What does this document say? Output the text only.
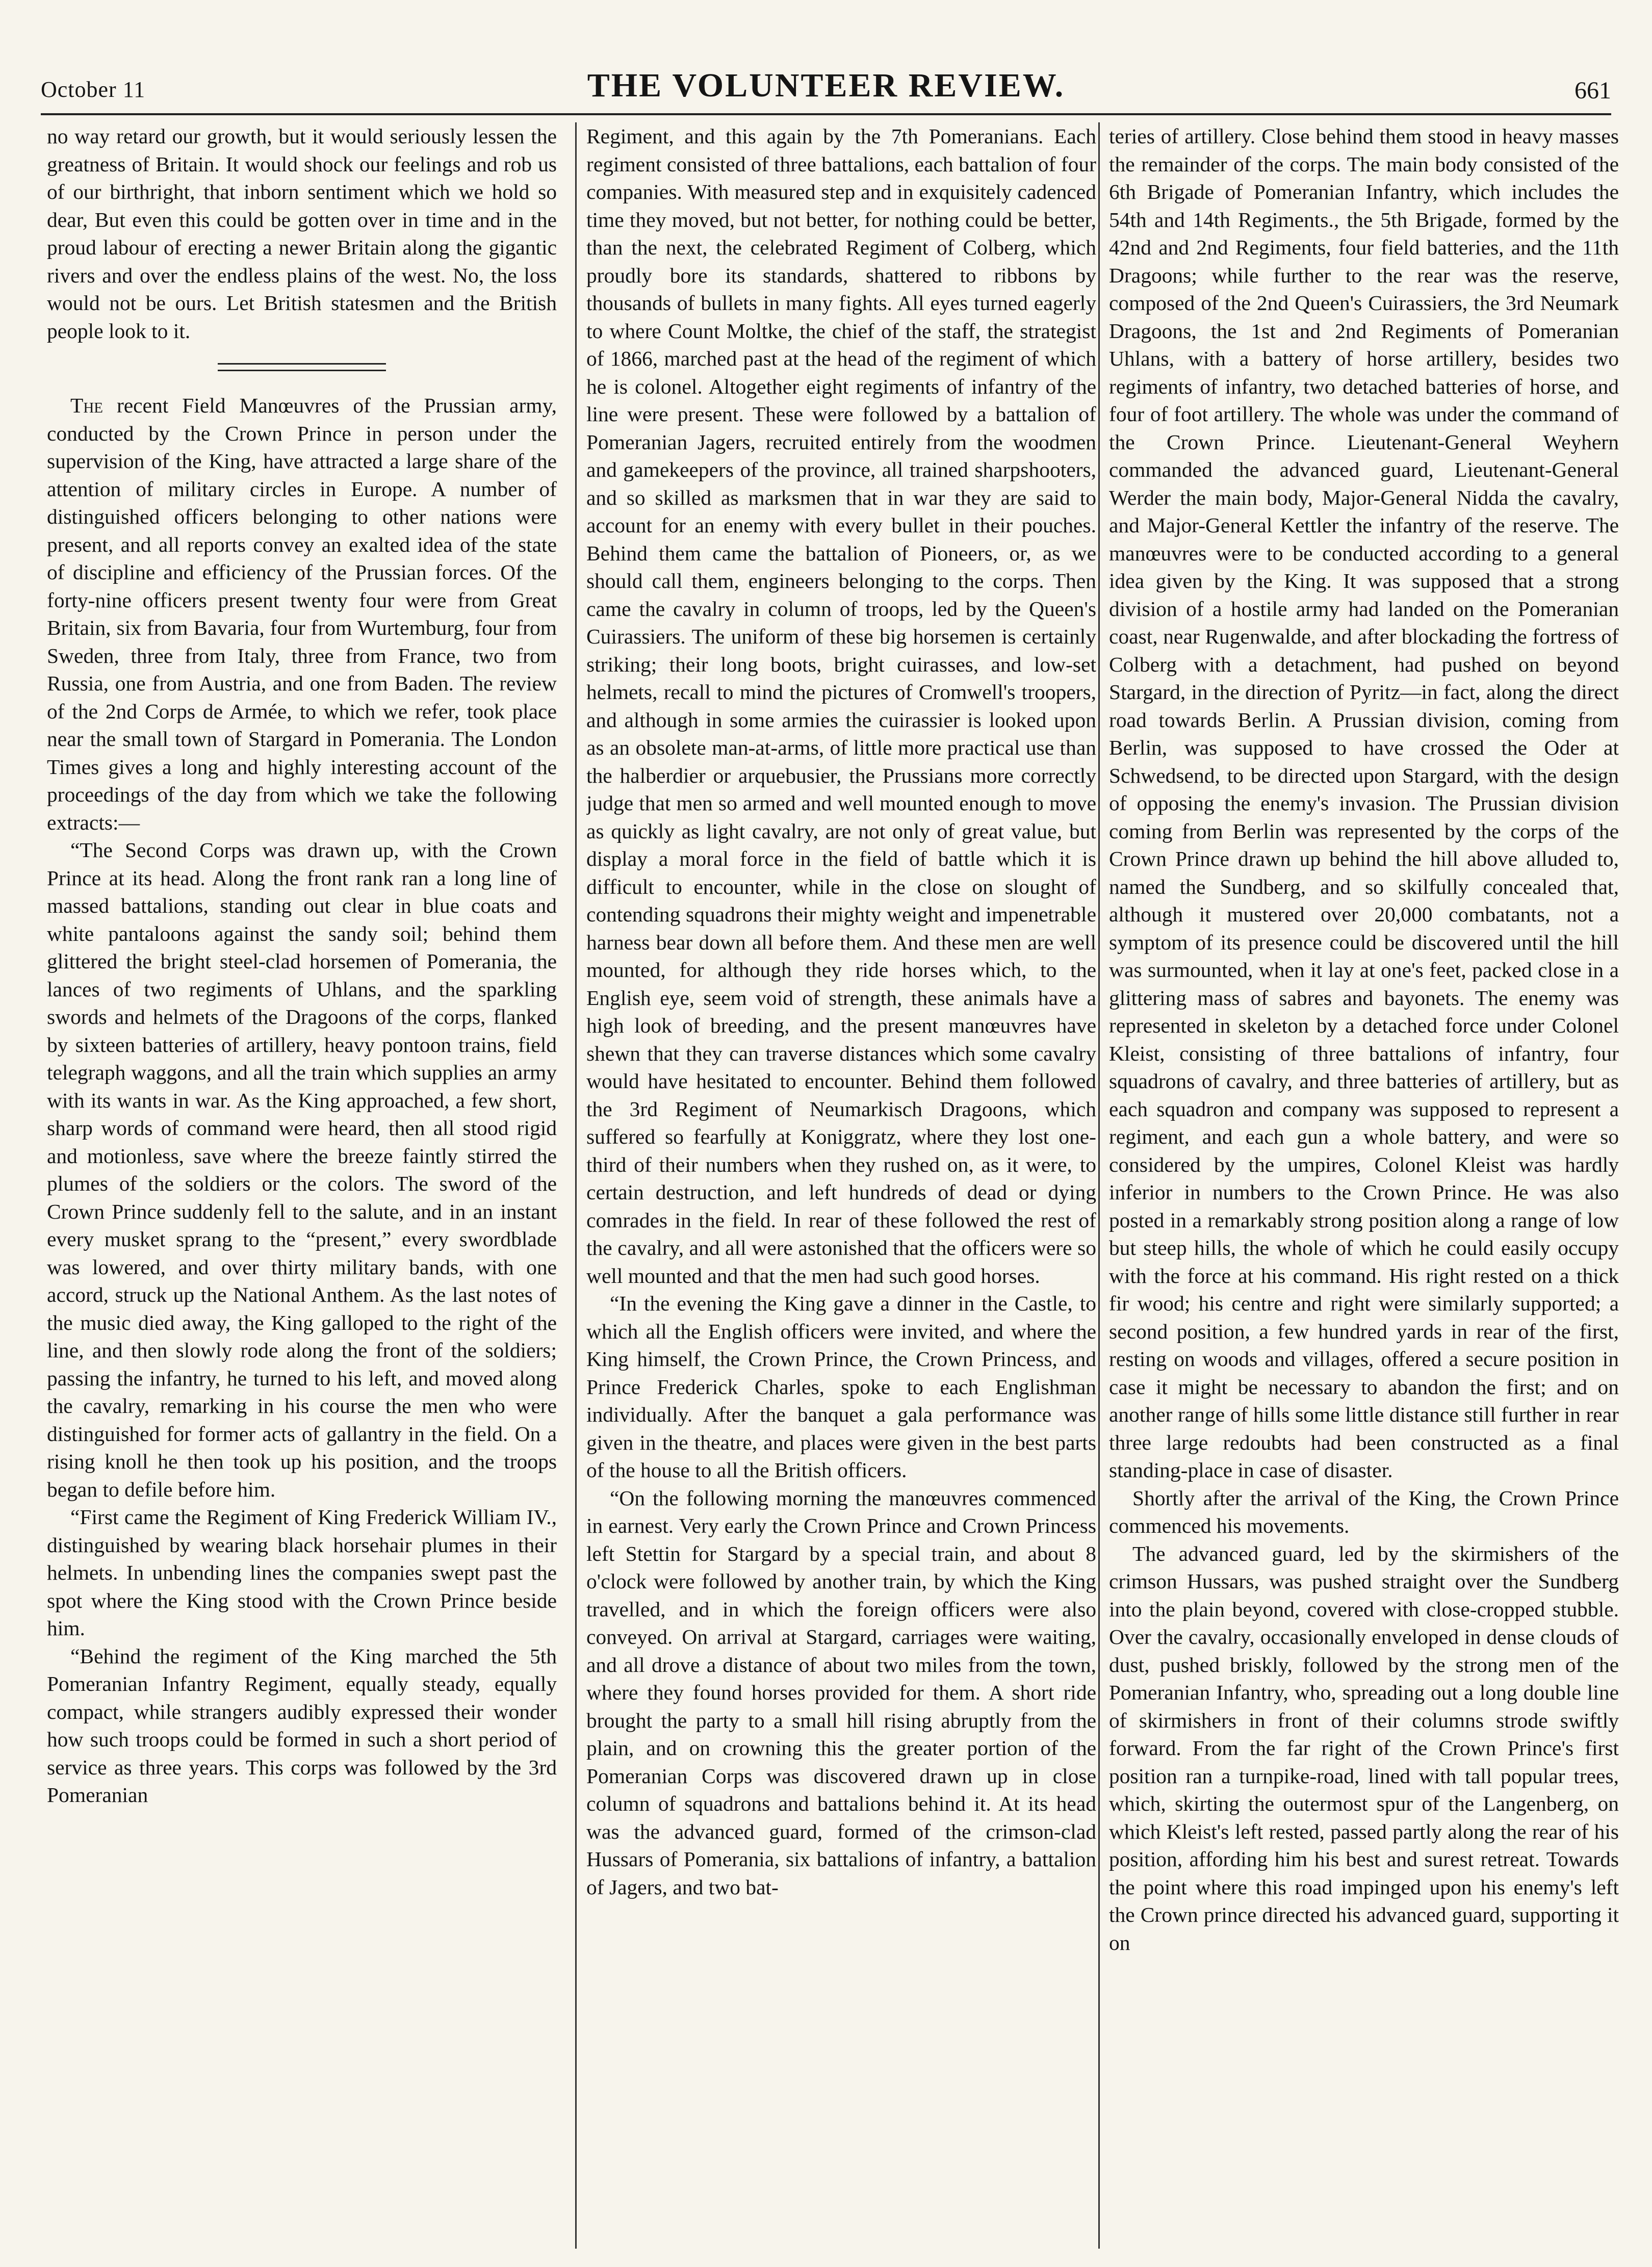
October 11	THE VOLUNTEER REVIEW.	661

no way retard our growth, but it would seriously lessen the greatness of Britain. It would shock our feelings and rob us of our birthright, that inborn sentiment which we hold so dear, But even this could be gotten over in time and in the proud labour of erecting a newer Britain along the gigantic rivers and over the endless plains of the west. No, the loss would not be ours. Let British statesmen and the British people look to it.

The recent Field Manœuvres of the Prussian army, conducted by the Crown Prince in person under the supervision of the King, have attracted a large share of the attention of military circles in Europe. A number of distinguished officers belonging to other nations were present, and all reports convey an exalted idea of the state of discipline and efficiency of the Prussian forces. Of the forty-nine officers present twenty four were from Great Britain, six from Bavaria, four from Wurtemburg, four from Sweden, three from Italy, three from France, two from Russia, one from Austria, and one from Baden. The review of the 2nd Corps de Armée, to which we refer, took place near the small town of Stargard in Pomerania. The London Times gives a long and highly interesting account of the proceedings of the day from which we take the following extracts:—

“The Second Corps was drawn up, with the Crown Prince at its head. Along the front rank ran a long line of massed battalions, standing out clear in blue coats and white pantaloons against the sandy soil; behind them glittered the bright steel-clad horsemen of Pomerania, the lances of two regiments of Uhlans, and the sparkling swords and helmets of the Dragoons of the corps, flanked by sixteen batteries of artillery, heavy pontoon trains, field telegraph waggons, and all the train which supplies an army with its wants in war. As the King approached, a few short, sharp words of command were heard, then all stood rigid and motionless, save where the breeze faintly stirred the plumes of the soldiers or the colors. The sword of the Crown Prince suddenly fell to the salute, and in an instant every musket sprang to the “present,” every swordblade was lowered, and over thirty military bands, with one accord, struck up the National Anthem. As the last notes of the music died away, the King galloped to the right of the line, and then slowly rode along the front of the soldiers; passing the infantry, he turned to his left, and moved along the cavalry, remarking in his course the men who were distinguished for former acts of gallantry in the field. On a rising knoll he then took up his position, and the troops began to defile before him.

“First came the Regiment of King Frederick William IV., distinguished by wearing black horsehair plumes in their helmets. In unbending lines the companies swept past the spot where the King stood with the Crown Prince beside him.

“Behind the regiment of the King marched the 5th Pomeranian Infantry Regiment, equally steady, equally compact, while strangers audibly expressed their wonder how such troops could be formed in such a short period of service as three years. This corps was followed by the 3rd Pomeranian

Regiment, and this again by the 7th Pomeranians. Each regiment consisted of three battalions, each battalion of four companies. With measured step and in exquisitely cadenced time they moved, but not better, for nothing could be better, than the next, the celebrated Regiment of Colberg, which proudly bore its standards, shattered to ribbons by thousands of bullets in many fights. All eyes turned eagerly to where Count Moltke, the chief of the staff, the strategist of 1866, marched past at the head of the regiment of which he is colonel. Altogether eight regiments of infantry of the line were present. These were followed by a battalion of Pomeranian Jagers, recruited entirely from the woodmen and gamekeepers of the province, all trained sharpshooters, and so skilled as marksmen that in war they are said to account for an enemy with every bullet in their pouches. Behind them came the battalion of Pioneers, or, as we should call them, engineers belonging to the corps. Then came the cavalry in column of troops, led by the Queen's Cuirassiers. The uniform of these big horsemen is certainly striking; their long boots, bright cuirasses, and low-set helmets, recall to mind the pictures of Cromwell's troopers, and although in some armies the cuirassier is looked upon as an obsolete man-at-arms, of little more practical use than the halberdier or arquebusier, the Prussians more correctly judge that men so armed and well mounted enough to move as quickly as light cavalry, are not only of great value, but display a moral force in the field of battle which it is difficult to encounter, while in the close on slought of contending squadrons their mighty weight and impenetrable harness bear down all before them. And these men are well mounted, for although they ride horses which, to the English eye, seem void of strength, these animals have a high look of breeding, and the present manœuvres have shewn that they can traverse distances which some cavalry would have hesitated to encounter. Behind them followed the 3rd Regiment of Neumarkisch Dragoons, which suffered so fearfully at Koniggratz, where they lost one-third of their numbers when they rushed on, as it were, to certain destruction, and left hundreds of dead or dying comrades in the field. In rear of these followed the rest of the cavalry, and all were astonished that the officers were so well mounted and that the men had such good horses.

“In the evening the King gave a dinner in the Castle, to which all the English officers were invited, and where the King himself, the Crown Prince, the Crown Princess, and Prince Frederick Charles, spoke to each Englishman individually. After the banquet a gala performance was given in the theatre, and places were given in the best parts of the house to all the British officers.

“On the following morning the manœuvres commenced in earnest. Very early the Crown Prince and Crown Princess left Stettin for Stargard by a special train, and about 8 o'clock were followed by another train, by which the King travelled, and in which the foreign officers were also conveyed. On arrival at Stargard, carriages were waiting, and all drove a distance of about two miles from the town, where they found horses provided for them. A short ride brought the party to a small hill rising abruptly from the plain, and on crowning this the greater portion of the Pomeranian Corps was discovered drawn up in close column of squadrons and battalions behind it. At its head was the advanced guard, formed of the crimson-clad Hussars of Pomerania, six battalions of infantry, a battalion of Jagers, and two bat-

teries of artillery. Close behind them stood in heavy masses the remainder of the corps. The main body consisted of the 6th Brigade of Pomeranian Infantry, which includes the 54th and 14th Regiments., the 5th Brigade, formed by the 42nd and 2nd Regiments, four field batteries, and the 11th Dragoons; while further to the rear was the reserve, composed of the 2nd Queen's Cuirassiers, the 3rd Neumark Dragoons, the 1st and 2nd Regiments of Pomeranian Uhlans, with a battery of horse artillery, besides two regiments of infantry, two detached batteries of horse, and four of foot artillery. The whole was under the command of the Crown Prince. Lieutenant-General Weyhern commanded the advanced guard, Lieutenant-General Werder the main body, Major-General Nidda the cavalry, and Major-General Kettler the infantry of the reserve. The manœuvres were to be conducted according to a general idea given by the King. It was supposed that a strong division of a hostile army had landed on the Pomeranian coast, near Rugenwalde, and after blockading the fortress of Colberg with a detachment, had pushed on beyond Stargard, in the direction of Pyritz—in fact, along the direct road towards Berlin. A Prussian division, coming from Berlin, was supposed to have crossed the Oder at Schwedsend, to be directed upon Stargard, with the design of opposing the enemy's invasion. The Prussian division coming from Berlin was represented by the corps of the Crown Prince drawn up behind the hill above alluded to, named the Sundberg, and so skilfully concealed that, although it mustered over 20,000 combatants, not a symptom of its presence could be discovered until the hill was surmounted, when it lay at one's feet, packed close in a glittering mass of sabres and bayonets. The enemy was represented in skeleton by a detached force under Colonel Kleist, consisting of three battalions of infantry, four squadrons of cavalry, and three batteries of artillery, but as each squadron and company was supposed to represent a regiment, and each gun a whole battery, and were so considered by the umpires, Colonel Kleist was hardly inferior in numbers to the Crown Prince. He was also posted in a remarkably strong position along a range of low but steep hills, the whole of which he could easily occupy with the force at his command. His right rested on a thick fir wood; his centre and right were similarly supported; a second position, a few hundred yards in rear of the first, resting on woods and villages, offered a secure position in case it might be necessary to abandon the first; and on another range of hills some little distance still further in rear three large redoubts had been constructed as a final standing-place in case of disaster.

Shortly after the arrival of the King, the Crown Prince commenced his movements.

The advanced guard, led by the skirmishers of the crimson Hussars, was pushed straight over the Sundberg into the plain beyond, covered with close-cropped stubble. Over the cavalry, occasionally enveloped in dense clouds of dust, pushed briskly, followed by the strong men of the Pomeranian Infantry, who, spreading out a long double line of skirmishers in front of their columns strode swiftly forward. From the far right of the Crown Prince's first position ran a turnpike-road, lined with tall popular trees, which, skirting the outermost spur of the Langenberg, on which Kleist's left rested, passed partly along the rear of his position, affording him his best and surest retreat. Towards the point where this road impinged upon his enemy's left the Crown prince directed his advanced guard, supporting it on
